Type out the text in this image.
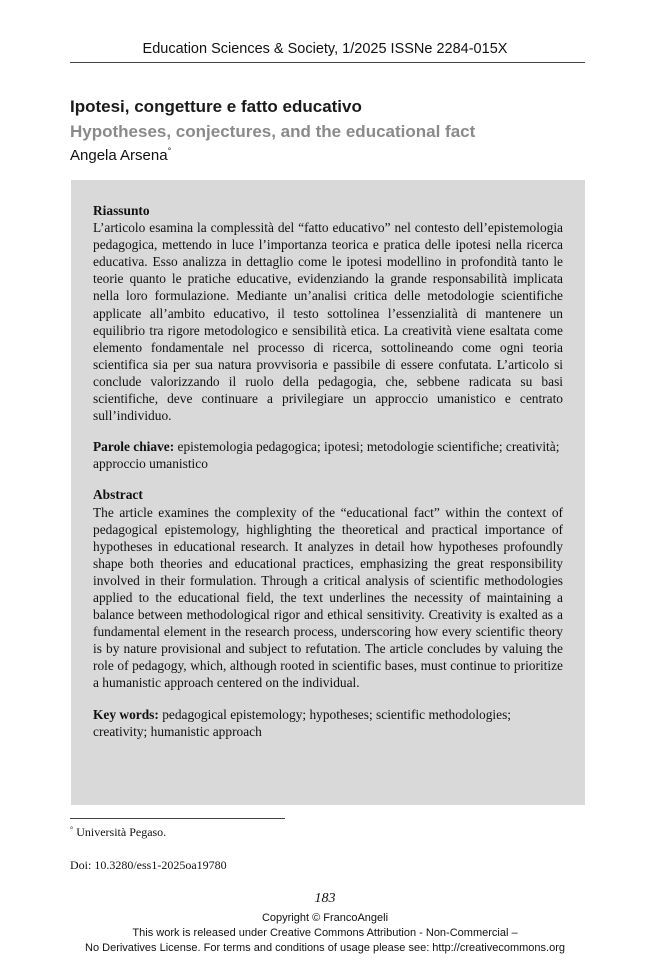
Education Sciences & Society, 1/2025 ISSNe 2284-015X
Ipotesi, congetture e fatto educativo
Hypotheses, conjectures, and the educational fact
Angela Arsena°
Riassunto
L’articolo esamina la complessità del “fatto educativo” nel contesto dell’epistemologia pedagogica, mettendo in luce l’importanza teorica e pratica delle ipotesi nella ricerca educativa. Esso analizza in dettaglio come le ipotesi modellino in profondità tanto le teorie quanto le pratiche educative, evidenziando la grande responsabilità implicata nella loro formulazione. Mediante un’analisi critica delle metodologie scientifiche applicate all’ambito educativo, il testo sottolinea l’essenzialità di mantenere un equilibrio tra rigore metodologico e sensibilità etica. La creatività viene esaltata come elemento fondamentale nel processo di ricerca, sottolineando come ogni teoria scientifica sia per sua natura provvisoria e passibile di essere confutata. L’articolo si conclude valorizzando il ruolo della pedagogia, che, sebbene radicata su basi scientifiche, deve continuare a privilegiare un approccio umanistico e centrato sull’individuo.
Parole chiave: epistemologia pedagogica; ipotesi; metodologie scientifiche; creatività; approccio umanistico
Abstract
The article examines the complexity of the “educational fact” within the context of pedagogical epistemology, highlighting the theoretical and practical importance of hypotheses in educational research. It analyzes in detail how hypotheses profoundly shape both theories and educational practices, emphasizing the great responsibility involved in their formulation. Through a critical analysis of scientific methodologies applied to the educational field, the text underlines the necessity of maintaining a balance between methodological rigor and ethical sensitivity. Creativity is exalted as a fundamental element in the research process, underscoring how every scientific theory is by nature provisional and subject to refutation. The article concludes by valuing the role of pedagogy, which, although rooted in scientific bases, must continue to prioritize a humanistic approach centered on the individual.
Key words: pedagogical epistemology; hypotheses; scientific methodologies; creativity; humanistic approach
° Università Pegaso.
Doi: 10.3280/ess1-2025oa19780
183
Copyright © FrancoAngeli
This work is released under Creative Commons Attribution - Non-Commercial –
No Derivatives License. For terms and conditions of usage please see: http://creativecommons.org
